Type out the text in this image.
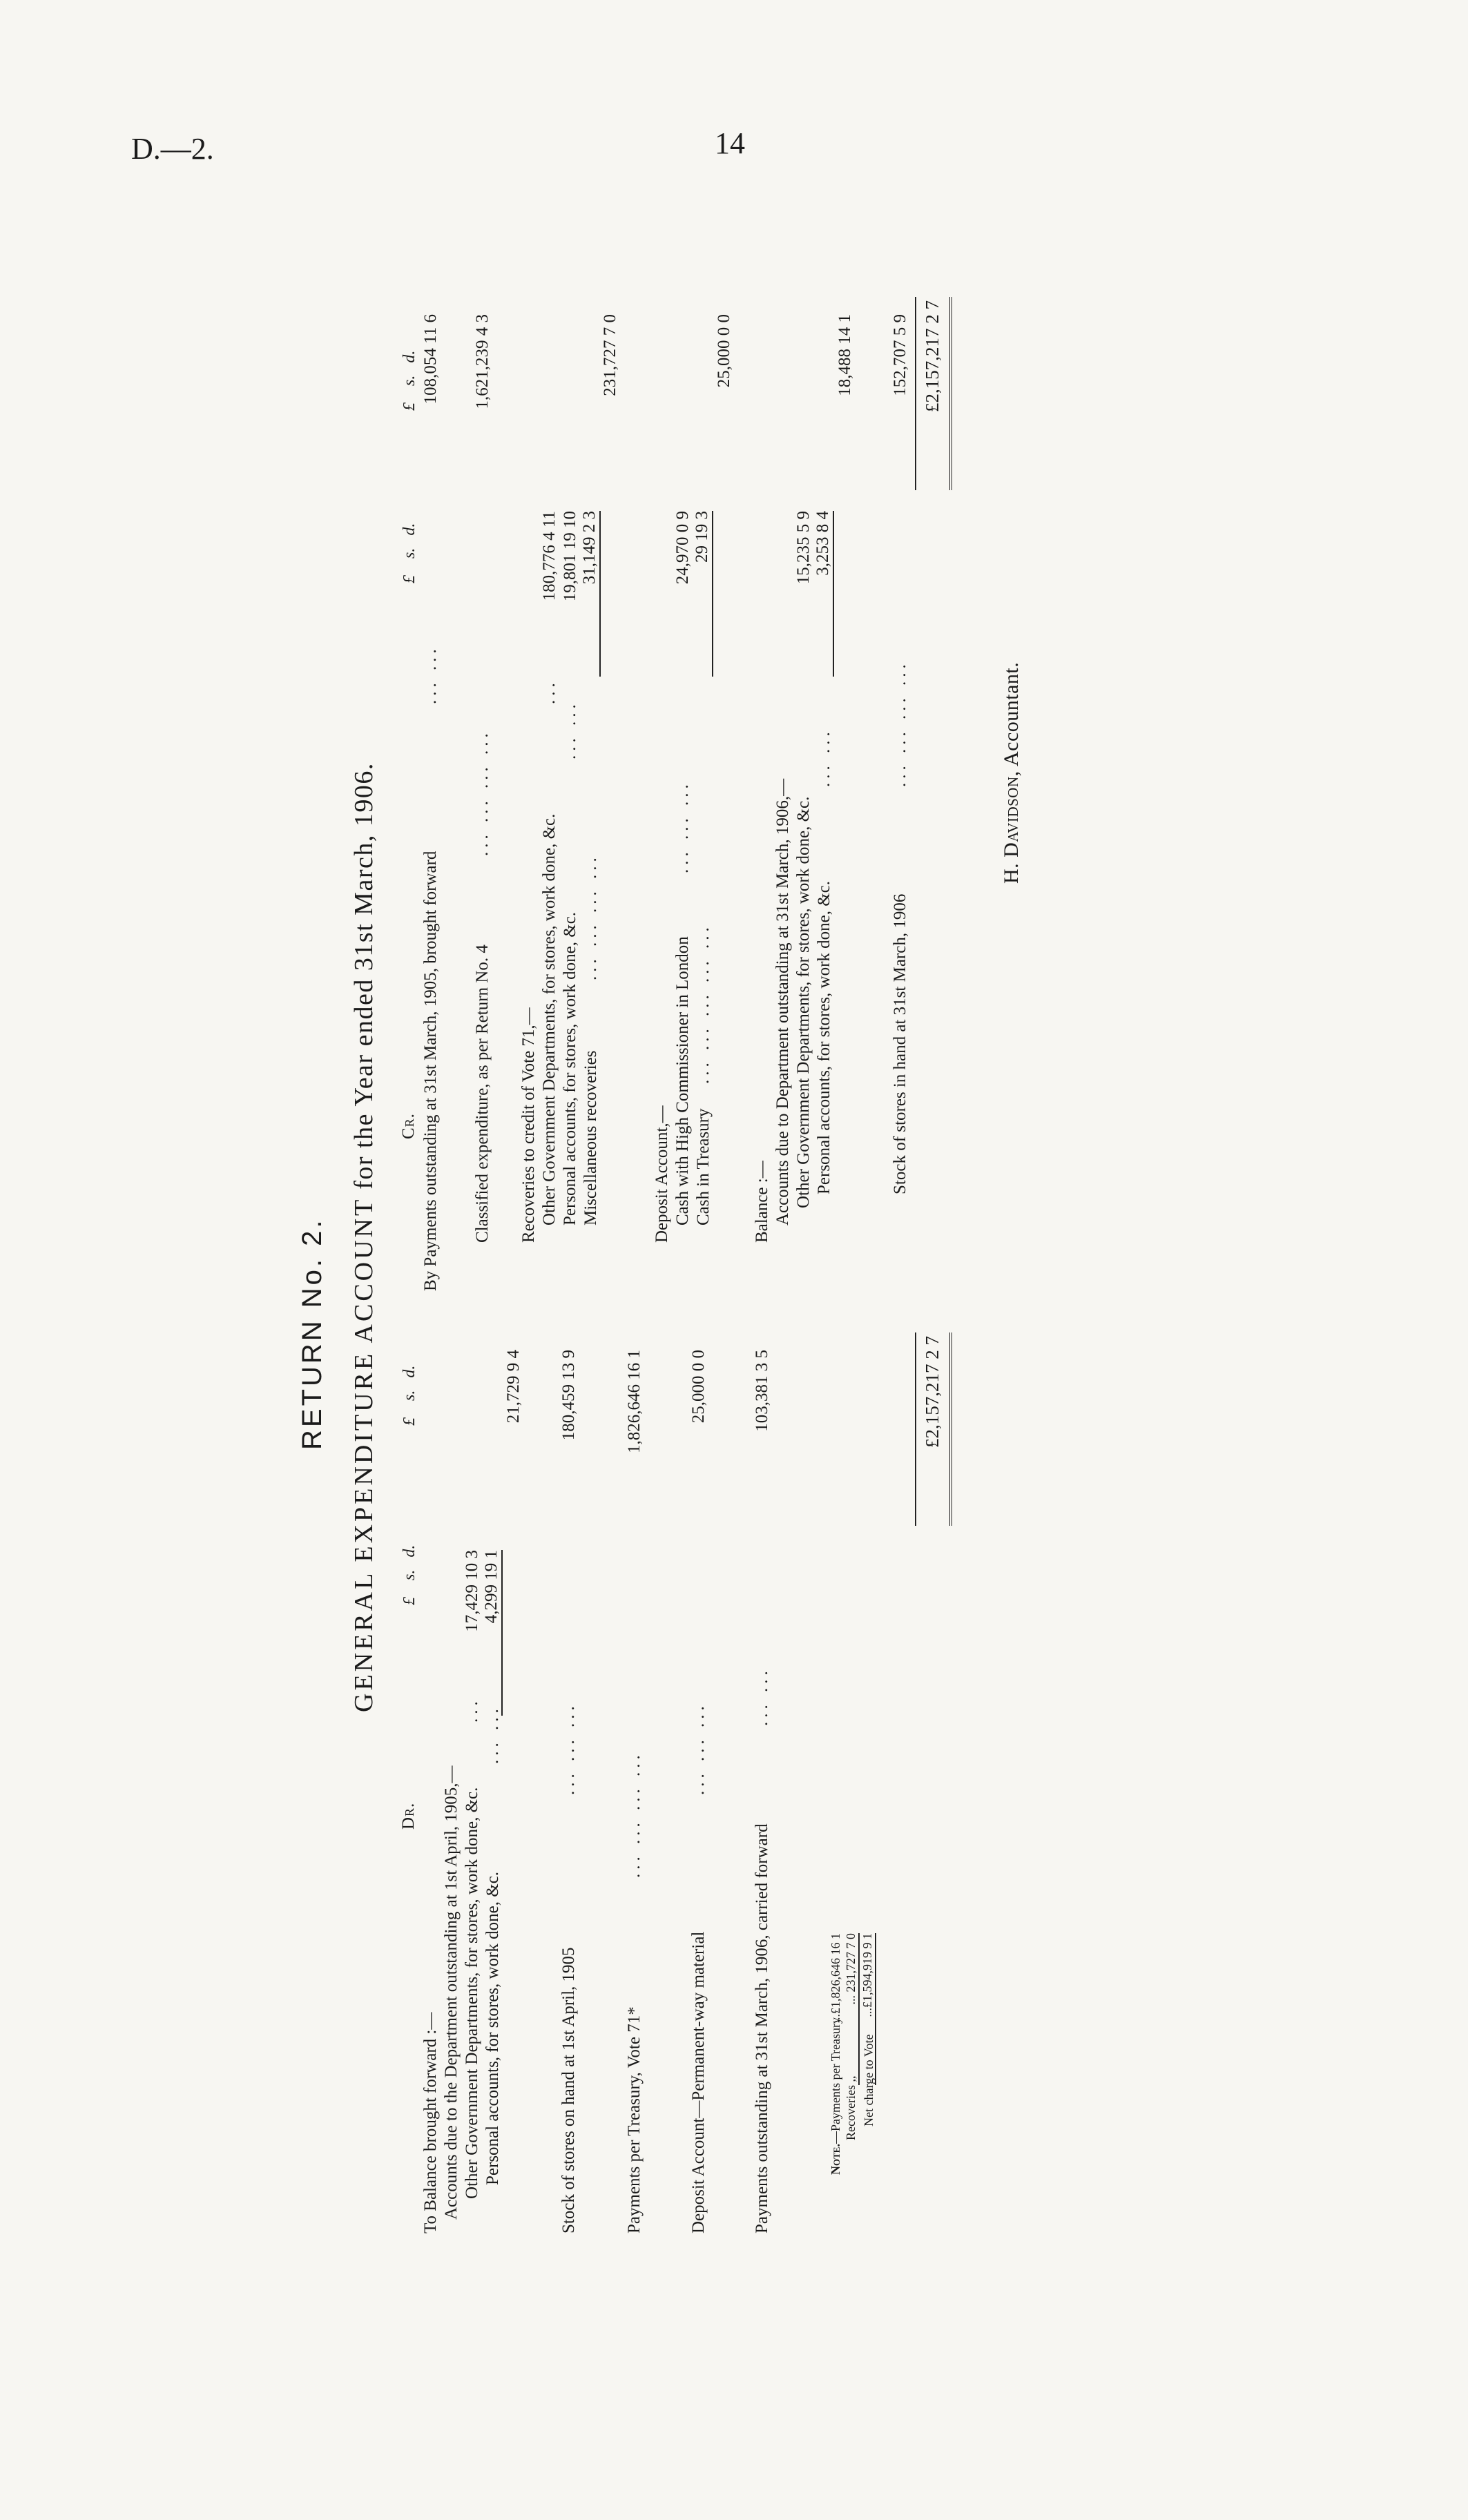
D.—2.	14
RETURN No. 2. GENERAL EXPENDITURE ACCOUNT for the Year ended 31st March, 1906.
Dr.
£    s.   d.
£    s.   d.
To Balance brought forward :— Accounts due to the Department outstanding at 1st April, 1905,— Other Government Departments, for stores, work done, &c.
...
17,429 10 3
Personal accounts, for stores, work done, &c.
... ...
4,299 19 1
21,729 9 4
Stock of stores on hand at 1st April, 1905
... ... ...
180,459 13 9
Payments per Treasury, Vote 71*
... ... ... ...
1,826,646 16 1
Deposit Account—Permanent-way material
... ... ...
25,000 0 0
Payments outstanding at 31st March, 1906, carried forward
... ...
103,381 3 5
Note.—Payments per Treasury
...£1,826,646 16 1
Recoveries ,,
... 231,727 7 0
Net charge to Vote
...£1,594,919 9 1
£2,157,217 2 7
Cr.
£    s.   d.
£    s.   d.
By Payments outstanding at 31st March, 1905, brought forward
... ...
108,054 11 6
Classified expenditure, as per Return No. 4
... ... ... ...
1,621,239 4 3
Recoveries to credit of Vote 71,— Other Government Departments, for stores, work done, &c.
...
180,776 4 11
Personal accounts, for stores, work done, &c.
... ...
19,801 19 10
Miscellaneous recoveries
... ... ... ...
31,149 2 3
231,727 7 0
Deposit Account,— Cash with High Commissioner in London
... ... ...
24,970 0 9
Cash in Treasury
... ... ... ... ...
29 19 3
25,000 0 0
Balance :— Accounts due to Department outstanding at 31st March, 1906,— Other Government Departments, for stores, work done, &c.
15,235 5 9
Personal accounts, for stores, work done, &c.
... ...
3,253 8 4
18,488 14 1
Stock of stores in hand at 31st March, 1906
... ... ... ...
152,707 5 9 £2,157,217 2 7
H. Davidson, Accountant.
